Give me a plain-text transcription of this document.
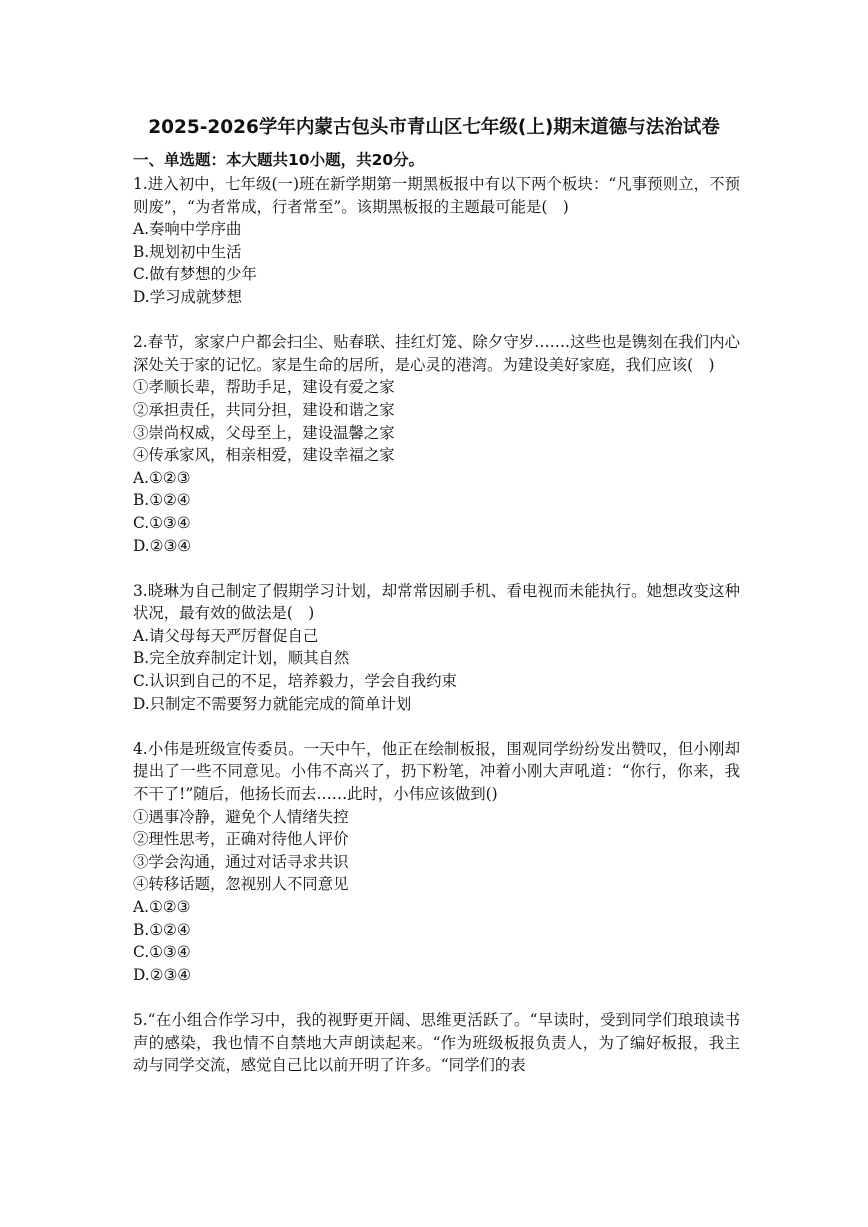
2025-2026学年内蒙古包头市青山区七年级(上)期末道德与法治试卷
一、单选题：本大题共10小题，共20分。
1.进入初中，七年级(一)班在新学期第一期黑板报中有以下两个板块：“凡事预则立，不预则废”，“为者常成，行者常至”。该期黑板报的主题最可能是(　)
A.奏响中学序曲
B.规划初中生活
C.做有梦想的少年
D.学习成就梦想
2.春节，家家户户都会扫尘、贴春联、挂红灯笼、除夕守岁…….这些也是镌刻在我们内心深处关于家的记忆。家是生命的居所，是心灵的港湾。为建设美好家庭，我们应该(　)
①孝顺长辈，帮助手足，建设有爱之家
②承担责任，共同分担，建设和谐之家
③崇尚权威，父母至上，建设温馨之家
④传承家风，相亲相爱，建设幸福之家
A.①②③
B.①②④
C.①③④
D.②③④
3.晓琳为自己制定了假期学习计划，却常常因刷手机、看电视而未能执行。她想改变这种状况，最有效的做法是(　)
A.请父母每天严厉督促自己
B.完全放弃制定计划，顺其自然
C.认识到自己的不足，培养毅力，学会自我约束
D.只制定不需要努力就能完成的简单计划
4.小伟是班级宣传委员。一天中午，他正在绘制板报，围观同学纷纷发出赞叹，但小刚却提出了一些不同意见。小伟不高兴了，扔下粉笔，冲着小刚大声吼道：“你行，你来，我不干了!”随后，他扬长而去……此时，小伟应该做到()
①遇事冷静，避免个人情绪失控
②理性思考，正确对待他人评价
③学会沟通，通过对话寻求共识
④转移话题，忽视别人不同意见
A.①②③
B.①②④
C.①③④
D.②③④
5.“在小组合作学习中，我的视野更开阔、思维更活跃了。“早读时，受到同学们琅琅读书声的感染，我也情不自禁地大声朗读起来。“作为班级板报负责人，为了编好板报，我主动与同学交流，感觉自己比以前开明了许多。“同学们的表
